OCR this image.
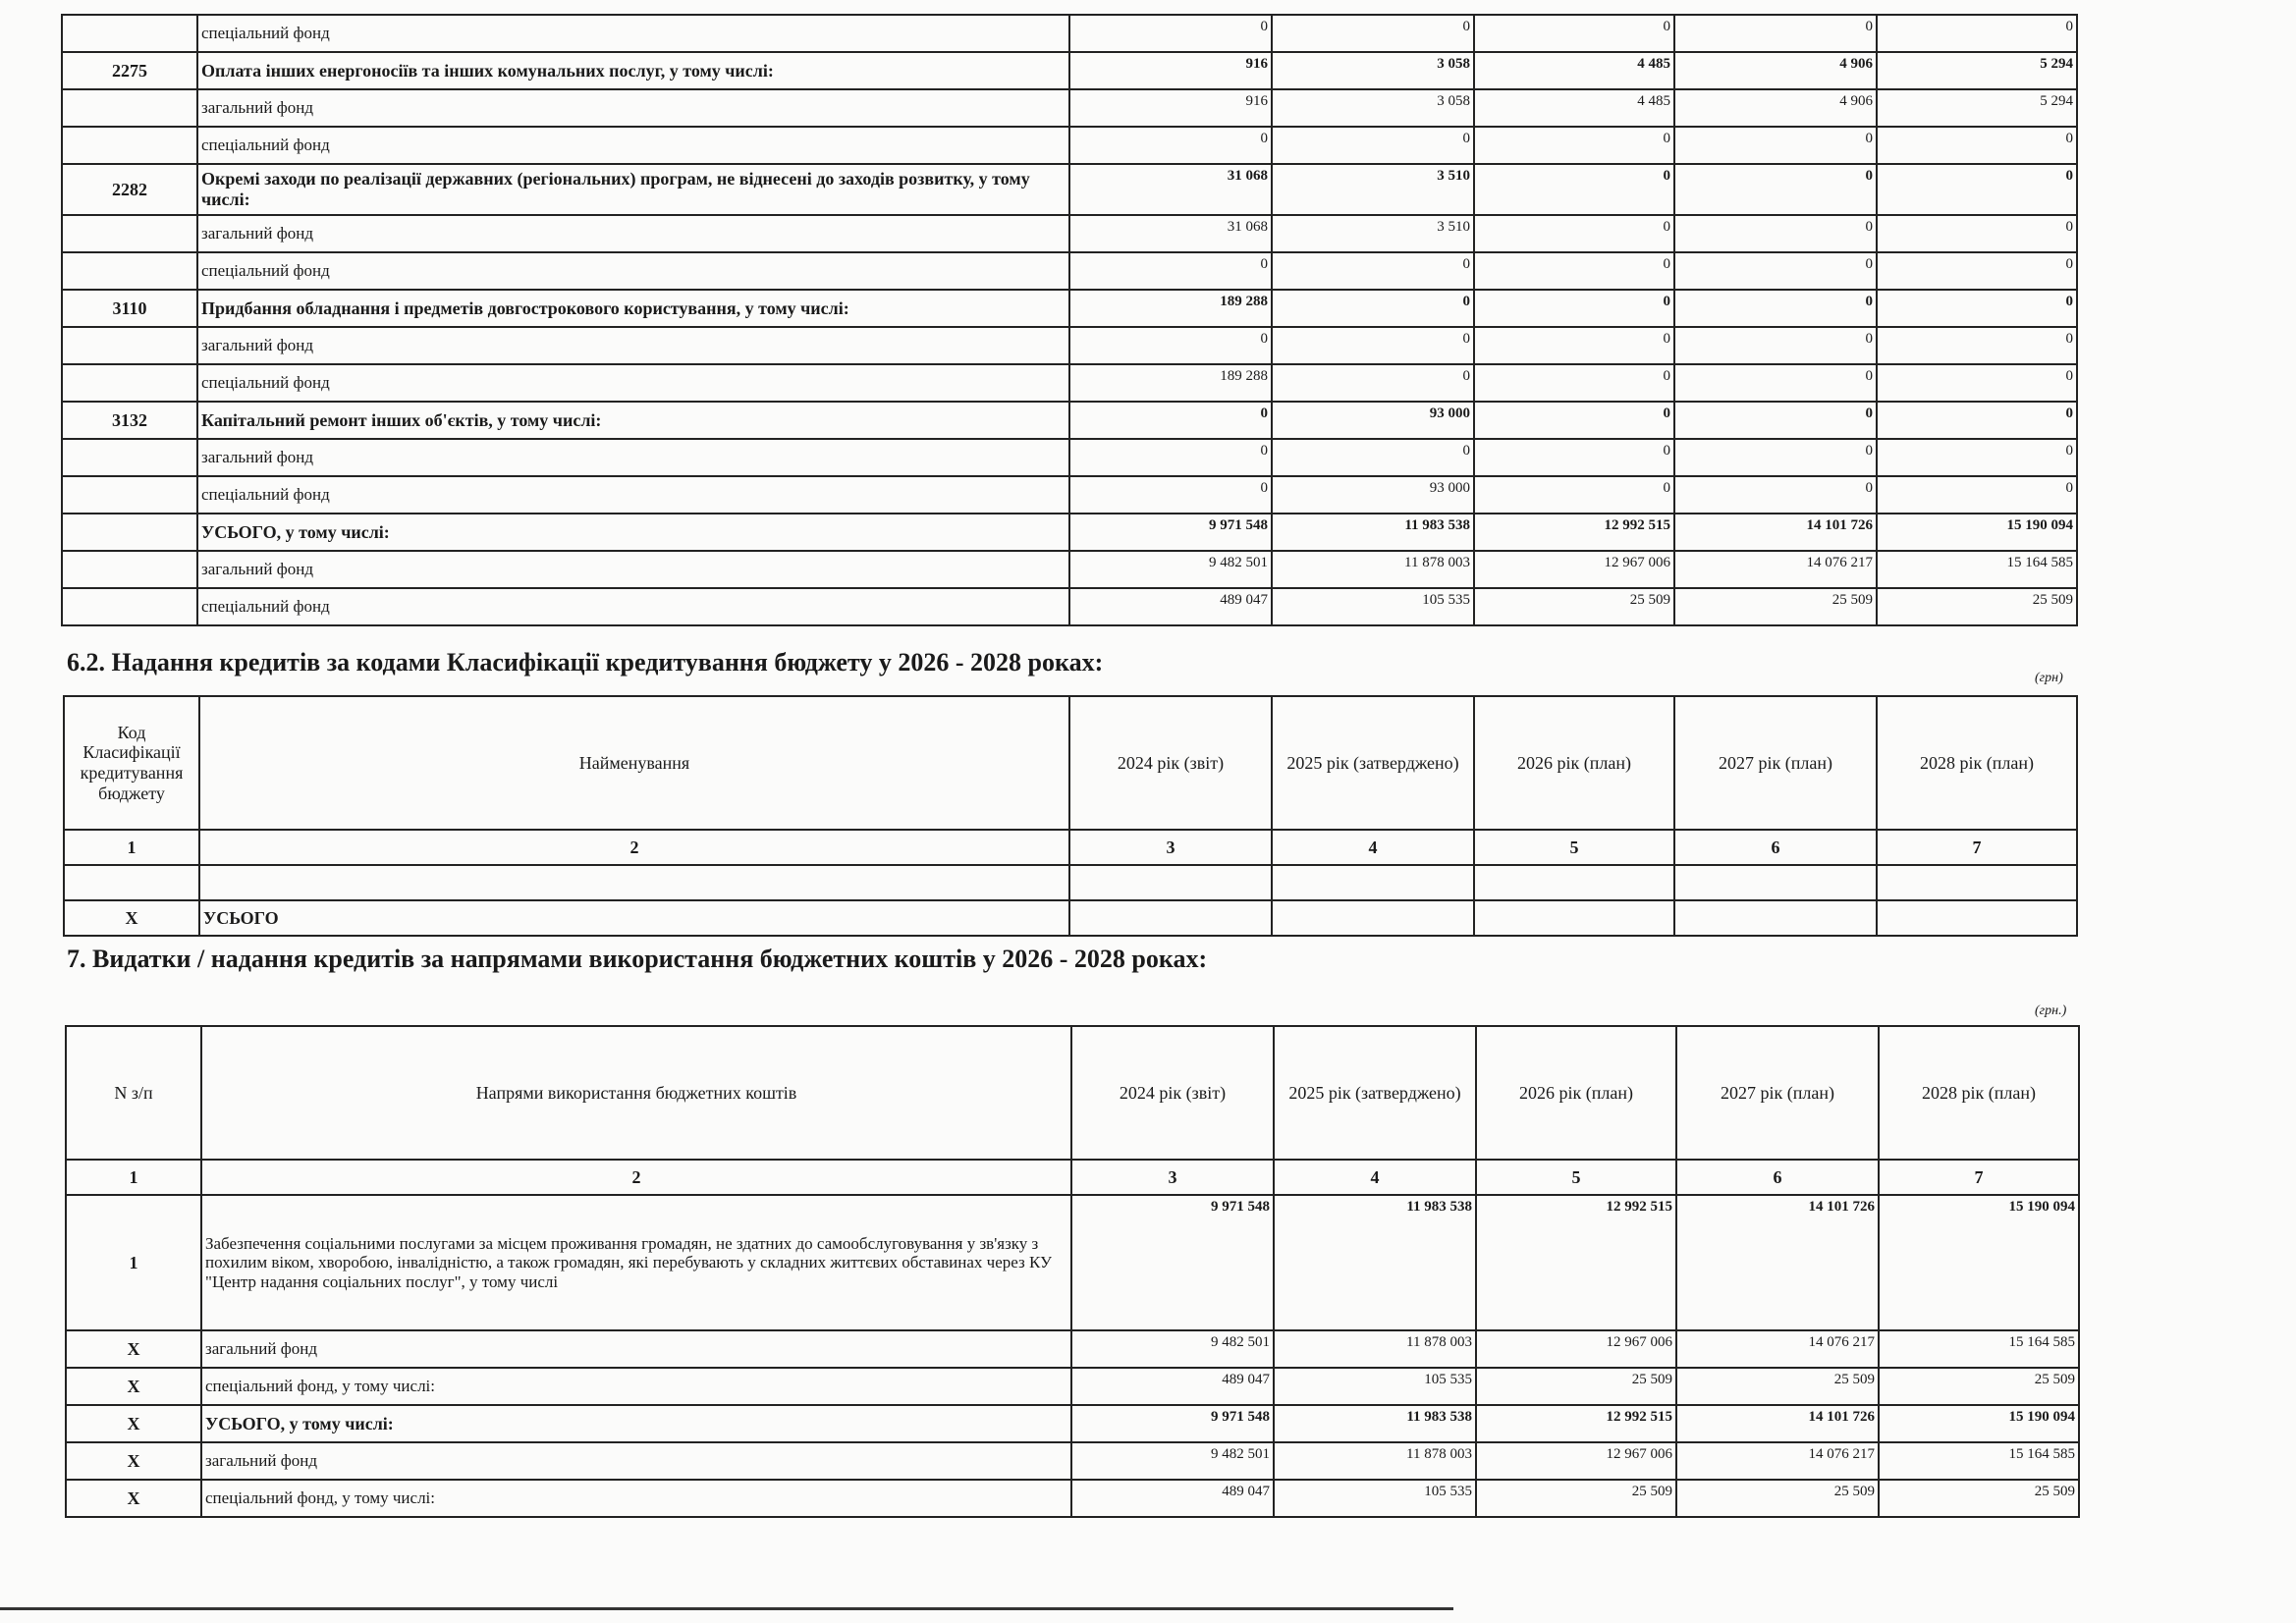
	спеціальний фонд	0	0	0	0	0
2275	Оплата інших енергоносіїв та інших комунальних послуг, у тому числі:	916	3 058	4 485	4 906	5 294
	загальний фонд	916	3 058	4 485	4 906	5 294
	спеціальний фонд	0	0	0	0	0
2282	Окремі заходи по реалізації державних (регіональних) програм, не віднесені до заходів розвитку, у тому числі:	31 068	3 510	0	0	0
	загальний фонд	31 068	3 510	0	0	0
	спеціальний фонд	0	0	0	0	0
3110	Придбання обладнання і предметів довгострокового користування, у тому числі:	189 288	0	0	0	0
	загальний фонд	0	0	0	0	0
	спеціальний фонд	189 288	0	0	0	0
3132	Капітальний ремонт інших об'єктів, у тому числі:	0	93 000	0	0	0
	загальний фонд	0	0	0	0	0
	спеціальний фонд	0	93 000	0	0	0
	УСЬОГО, у тому числі:	9 971 548	11 983 538	12 992 515	14 101 726	15 190 094
	загальний фонд	9 482 501	11 878 003	12 967 006	14 076 217	15 164 585
	спеціальний фонд	489 047	105 535	25 509	25 509	25 509
6.2. Надання кредитів за кодами Класифікації кредитування бюджету у 2026 - 2028 роках:
(грн)
Код Класифікації кредитування бюджету	Найменування	2024 рік (звіт)	2025 рік (затверджено)	2026 рік (план)	2027 рік (план)	2028 рік (план)
1	2	3	4	5	6	7

Х	УСЬОГО					
7. Видатки / надання кредитів за напрямами використання бюджетних коштів у 2026 - 2028 роках:
(грн.)
N з/п	Напрями використання бюджетних коштів	2024 рік (звіт)	2025 рік (затверджено)	2026 рік (план)	2027 рік (план)	2028 рік (план)
1	2	3	4	5	6	7
1	Забезпечення соціальними послугами за місцем проживання громадян, не здатних до самообслуговування у зв'язку з похилим віком, хворобою, інвалідністю, а також громадян, які перебувають у складних життєвих обставинах через КУ "Центр надання соціальних послуг", у тому числі	9 971 548	11 983 538	12 992 515	14 101 726	15 190 094
Х	загальний фонд	9 482 501	11 878 003	12 967 006	14 076 217	15 164 585
Х	спеціальний фонд, у тому числі:	489 047	105 535	25 509	25 509	25 509
Х	УСЬОГО, у тому числі:	9 971 548	11 983 538	12 992 515	14 101 726	15 190 094
Х	загальний фонд	9 482 501	11 878 003	12 967 006	14 076 217	15 164 585
Х	спеціальний фонд, у тому числі:	489 047	105 535	25 509	25 509	25 509
